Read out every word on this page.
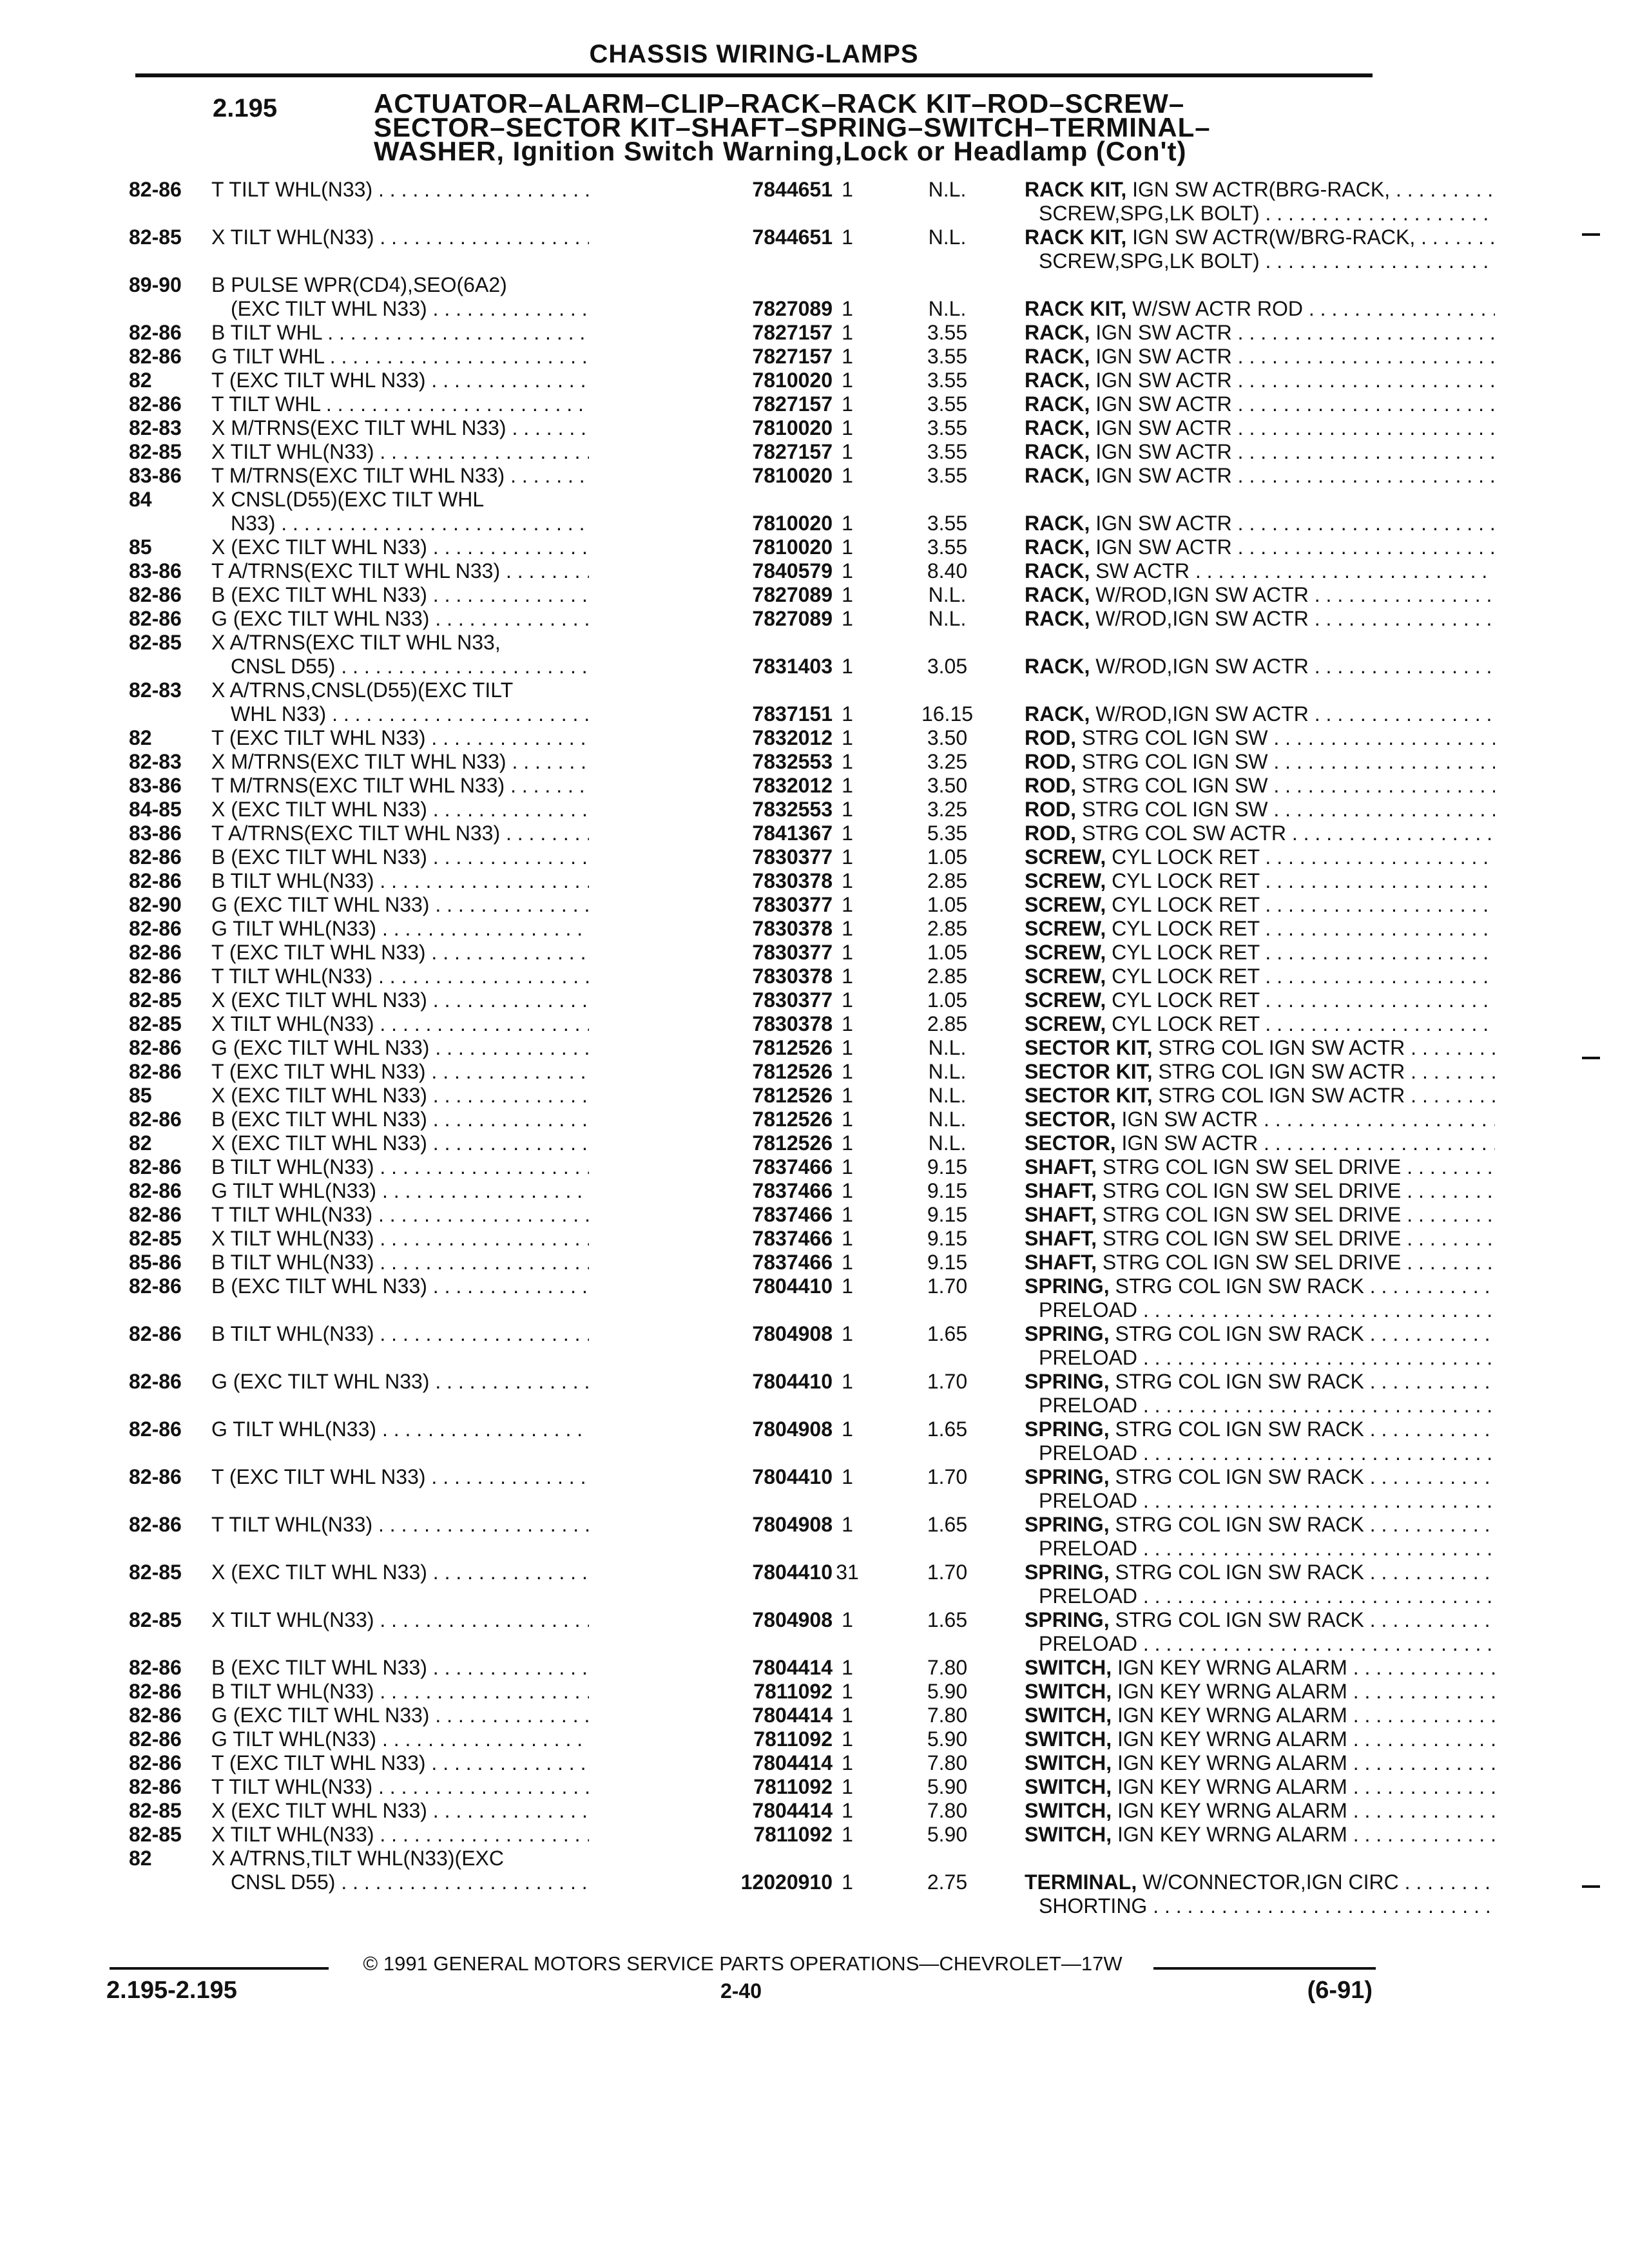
CHASSIS WIRING-LAMPS
2.195	ACTUATOR–ALARM–CLIP–RACK–RACK KIT–ROD–SCREW–
SECTOR–SECTOR KIT–SHAFT–SPRING–SWITCH–TERMINAL–
WASHER, Ignition Switch Warning,Lock or Headlamp (Con't)
82-86 T TILT WHL(N33) . . .	7844651 1	N.L.	RACK KIT, IGN SW ACTR(BRG-RACK, . . .
SCREW,SPG,LK BOLT) . . .
82-85 X TILT WHL(N33) . . .	7844651 1	N.L.	RACK KIT, IGN SW ACTR(W/BRG-RACK, . . .
SCREW,SPG,LK BOLT) . . .
89-90 B PULSE WPR(CD4),SEO(6A2)
(EXC TILT WHL N33) . . .	7827089 1	N.L.	RACK KIT, W/SW ACTR ROD . . .
82-86 B TILT WHL . . .	7827157 1	3.55	RACK, IGN SW ACTR . . .
82-86 G TILT WHL . . .	7827157 1	3.55	RACK, IGN SW ACTR . . .
82	T (EXC TILT WHL N33) . . .	7810020 1	3.55	RACK, IGN SW ACTR . . .
82-86 T TILT WHL . . .	7827157 1	3.55	RACK, IGN SW ACTR . . .
82-83 X M/TRNS(EXC TILT WHL N33) . . .	7810020 1	3.55	RACK, IGN SW ACTR . . .
82-85 X TILT WHL(N33) . . .	7827157 1	3.55	RACK, IGN SW ACTR . . .
83-86 T M/TRNS(EXC TILT WHL N33) . . .	7810020 1	3.55	RACK, IGN SW ACTR . . .
84	X CNSL(D55)(EXC TILT WHL
N33) . . .	7810020 1	3.55	RACK, IGN SW ACTR . . .
85	X (EXC TILT WHL N33) . . .	7810020 1	3.55	RACK, IGN SW ACTR . . .
83-86 T A/TRNS(EXC TILT WHL N33) . . .	7840579 1	8.40	RACK, SW ACTR . . .
82-86 B (EXC TILT WHL N33) . . .	7827089 1	N.L.	RACK, W/ROD,IGN SW ACTR . . .
82-86 G (EXC TILT WHL N33) . . .	7827089 1	N.L.	RACK, W/ROD,IGN SW ACTR . . .
82-85 X A/TRNS(EXC TILT WHL N33,
CNSL D55) . . .	7831403 1	3.05	RACK, W/ROD,IGN SW ACTR . . .
82-83 X A/TRNS,CNSL(D55)(EXC TILT
WHL N33) . . .	7837151 1	16.15	RACK, W/ROD,IGN SW ACTR . . .
82	T (EXC TILT WHL N33) . . .	7832012 1	3.50	ROD, STRG COL IGN SW . . .
82-83 X M/TRNS(EXC TILT WHL N33) . . .	7832553 1	3.25	ROD, STRG COL IGN SW . . .
83-86 T M/TRNS(EXC TILT WHL N33) . . .	7832012 1	3.50	ROD, STRG COL IGN SW . . .
84-85 X (EXC TILT WHL N33) . . .	7832553 1	3.25	ROD, STRG COL IGN SW . . .
83-86 T A/TRNS(EXC TILT WHL N33) . . .	7841367 1	5.35	ROD, STRG COL SW ACTR . . .
82-86 B (EXC TILT WHL N33) . . .	7830377 1	1.05	SCREW, CYL LOCK RET . . .
82-86 B TILT WHL(N33) . . .	7830378 1	2.85	SCREW, CYL LOCK RET . . .
82-90 G (EXC TILT WHL N33) . . .	7830377 1	1.05	SCREW, CYL LOCK RET . . .
82-86 G TILT WHL(N33) . . .	7830378 1	2.85	SCREW, CYL LOCK RET . . .
82-86 T (EXC TILT WHL N33) . . .	7830377 1	1.05	SCREW, CYL LOCK RET . . .
82-86 T TILT WHL(N33) . . .	7830378 1	2.85	SCREW, CYL LOCK RET . . .
82-85 X (EXC TILT WHL N33) . . .	7830377 1	1.05	SCREW, CYL LOCK RET . . .
82-85 X TILT WHL(N33) . . .	7830378 1	2.85	SCREW, CYL LOCK RET . . .
82-86 G (EXC TILT WHL N33) . . .	7812526 1	N.L.	SECTOR KIT, STRG COL IGN SW ACTR . . .
82-86 T (EXC TILT WHL N33) . . .	7812526 1	N.L.	SECTOR KIT, STRG COL IGN SW ACTR . . .
85	X (EXC TILT WHL N33) . . .	7812526 1	N.L.	SECTOR KIT, STRG COL IGN SW ACTR . . .
82-86 B (EXC TILT WHL N33) . . .	7812526 1	N.L.	SECTOR, IGN SW ACTR . . .
82	X (EXC TILT WHL N33) . . .	7812526 1	N.L.	SECTOR, IGN SW ACTR . . .
82-86 B TILT WHL(N33) . . .	7837466 1	9.15	SHAFT, STRG COL IGN SW SEL DRIVE . . .
82-86 G TILT WHL(N33) . . .	7837466 1	9.15	SHAFT, STRG COL IGN SW SEL DRIVE . . .
82-86 T TILT WHL(N33) . . .	7837466 1	9.15	SHAFT, STRG COL IGN SW SEL DRIVE . . .
82-85 X TILT WHL(N33) . . .	7837466 1	9.15	SHAFT, STRG COL IGN SW SEL DRIVE . . .
85-86 B TILT WHL(N33) . . .	7837466 1	9.15	SHAFT, STRG COL IGN SW SEL DRIVE . . .
82-86 B (EXC TILT WHL N33) . . .	7804410 1	1.70	SPRING, STRG COL IGN SW RACK . . .
PRELOAD . . .
82-86 B TILT WHL(N33) . . .	7804908 1	1.65	SPRING, STRG COL IGN SW RACK . . .
PRELOAD . . .
82-86 G (EXC TILT WHL N33) . . .	7804410 1	1.70	SPRING, STRG COL IGN SW RACK . . .
PRELOAD . . .
82-86 G TILT WHL(N33) . . .	7804908 1	1.65	SPRING, STRG COL IGN SW RACK . . .
PRELOAD . . .
82-86 T (EXC TILT WHL N33) . . .	7804410 1	1.70	SPRING, STRG COL IGN SW RACK . . .
PRELOAD . . .
82-86 T TILT WHL(N33) . . .	7804908 1	1.65	SPRING, STRG COL IGN SW RACK . . .
PRELOAD . . .
82-85 X (EXC TILT WHL N33) . . .	7804410 31	1.70	SPRING, STRG COL IGN SW RACK . . .
PRELOAD . . .
82-85 X TILT WHL(N33) . . .	7804908 1	1.65	SPRING, STRG COL IGN SW RACK . . .
PRELOAD . . .
82-86 B (EXC TILT WHL N33) . . .	7804414 1	7.80	SWITCH, IGN KEY WRNG ALARM . . .
82-86 B TILT WHL(N33) . . .	7811092 1	5.90	SWITCH, IGN KEY WRNG ALARM . . .
82-86 G (EXC TILT WHL N33) . . .	7804414 1	7.80	SWITCH, IGN KEY WRNG ALARM . . .
82-86 G TILT WHL(N33) . . .	7811092 1	5.90	SWITCH, IGN KEY WRNG ALARM . . .
82-86 T (EXC TILT WHL N33) . . .	7804414 1	7.80	SWITCH, IGN KEY WRNG ALARM . . .
82-86 T TILT WHL(N33) . . .	7811092 1	5.90	SWITCH, IGN KEY WRNG ALARM . . .
82-85 X (EXC TILT WHL N33) . . .	7804414 1	7.80	SWITCH, IGN KEY WRNG ALARM . . .
82-85 X TILT WHL(N33) . . .	7811092 1	5.90	SWITCH, IGN KEY WRNG ALARM . . .
82	X A/TRNS,TILT WHL(N33)(EXC
CNSL D55) . . .	12020910 1	2.75	TERMINAL, W/CONNECTOR,IGN CIRC . . .
SHORTING . . .
© 1991 GENERAL MOTORS SERVICE PARTS OPERATIONS—CHEVROLET—17W
2.195-2.195	2-40	(6-91)
